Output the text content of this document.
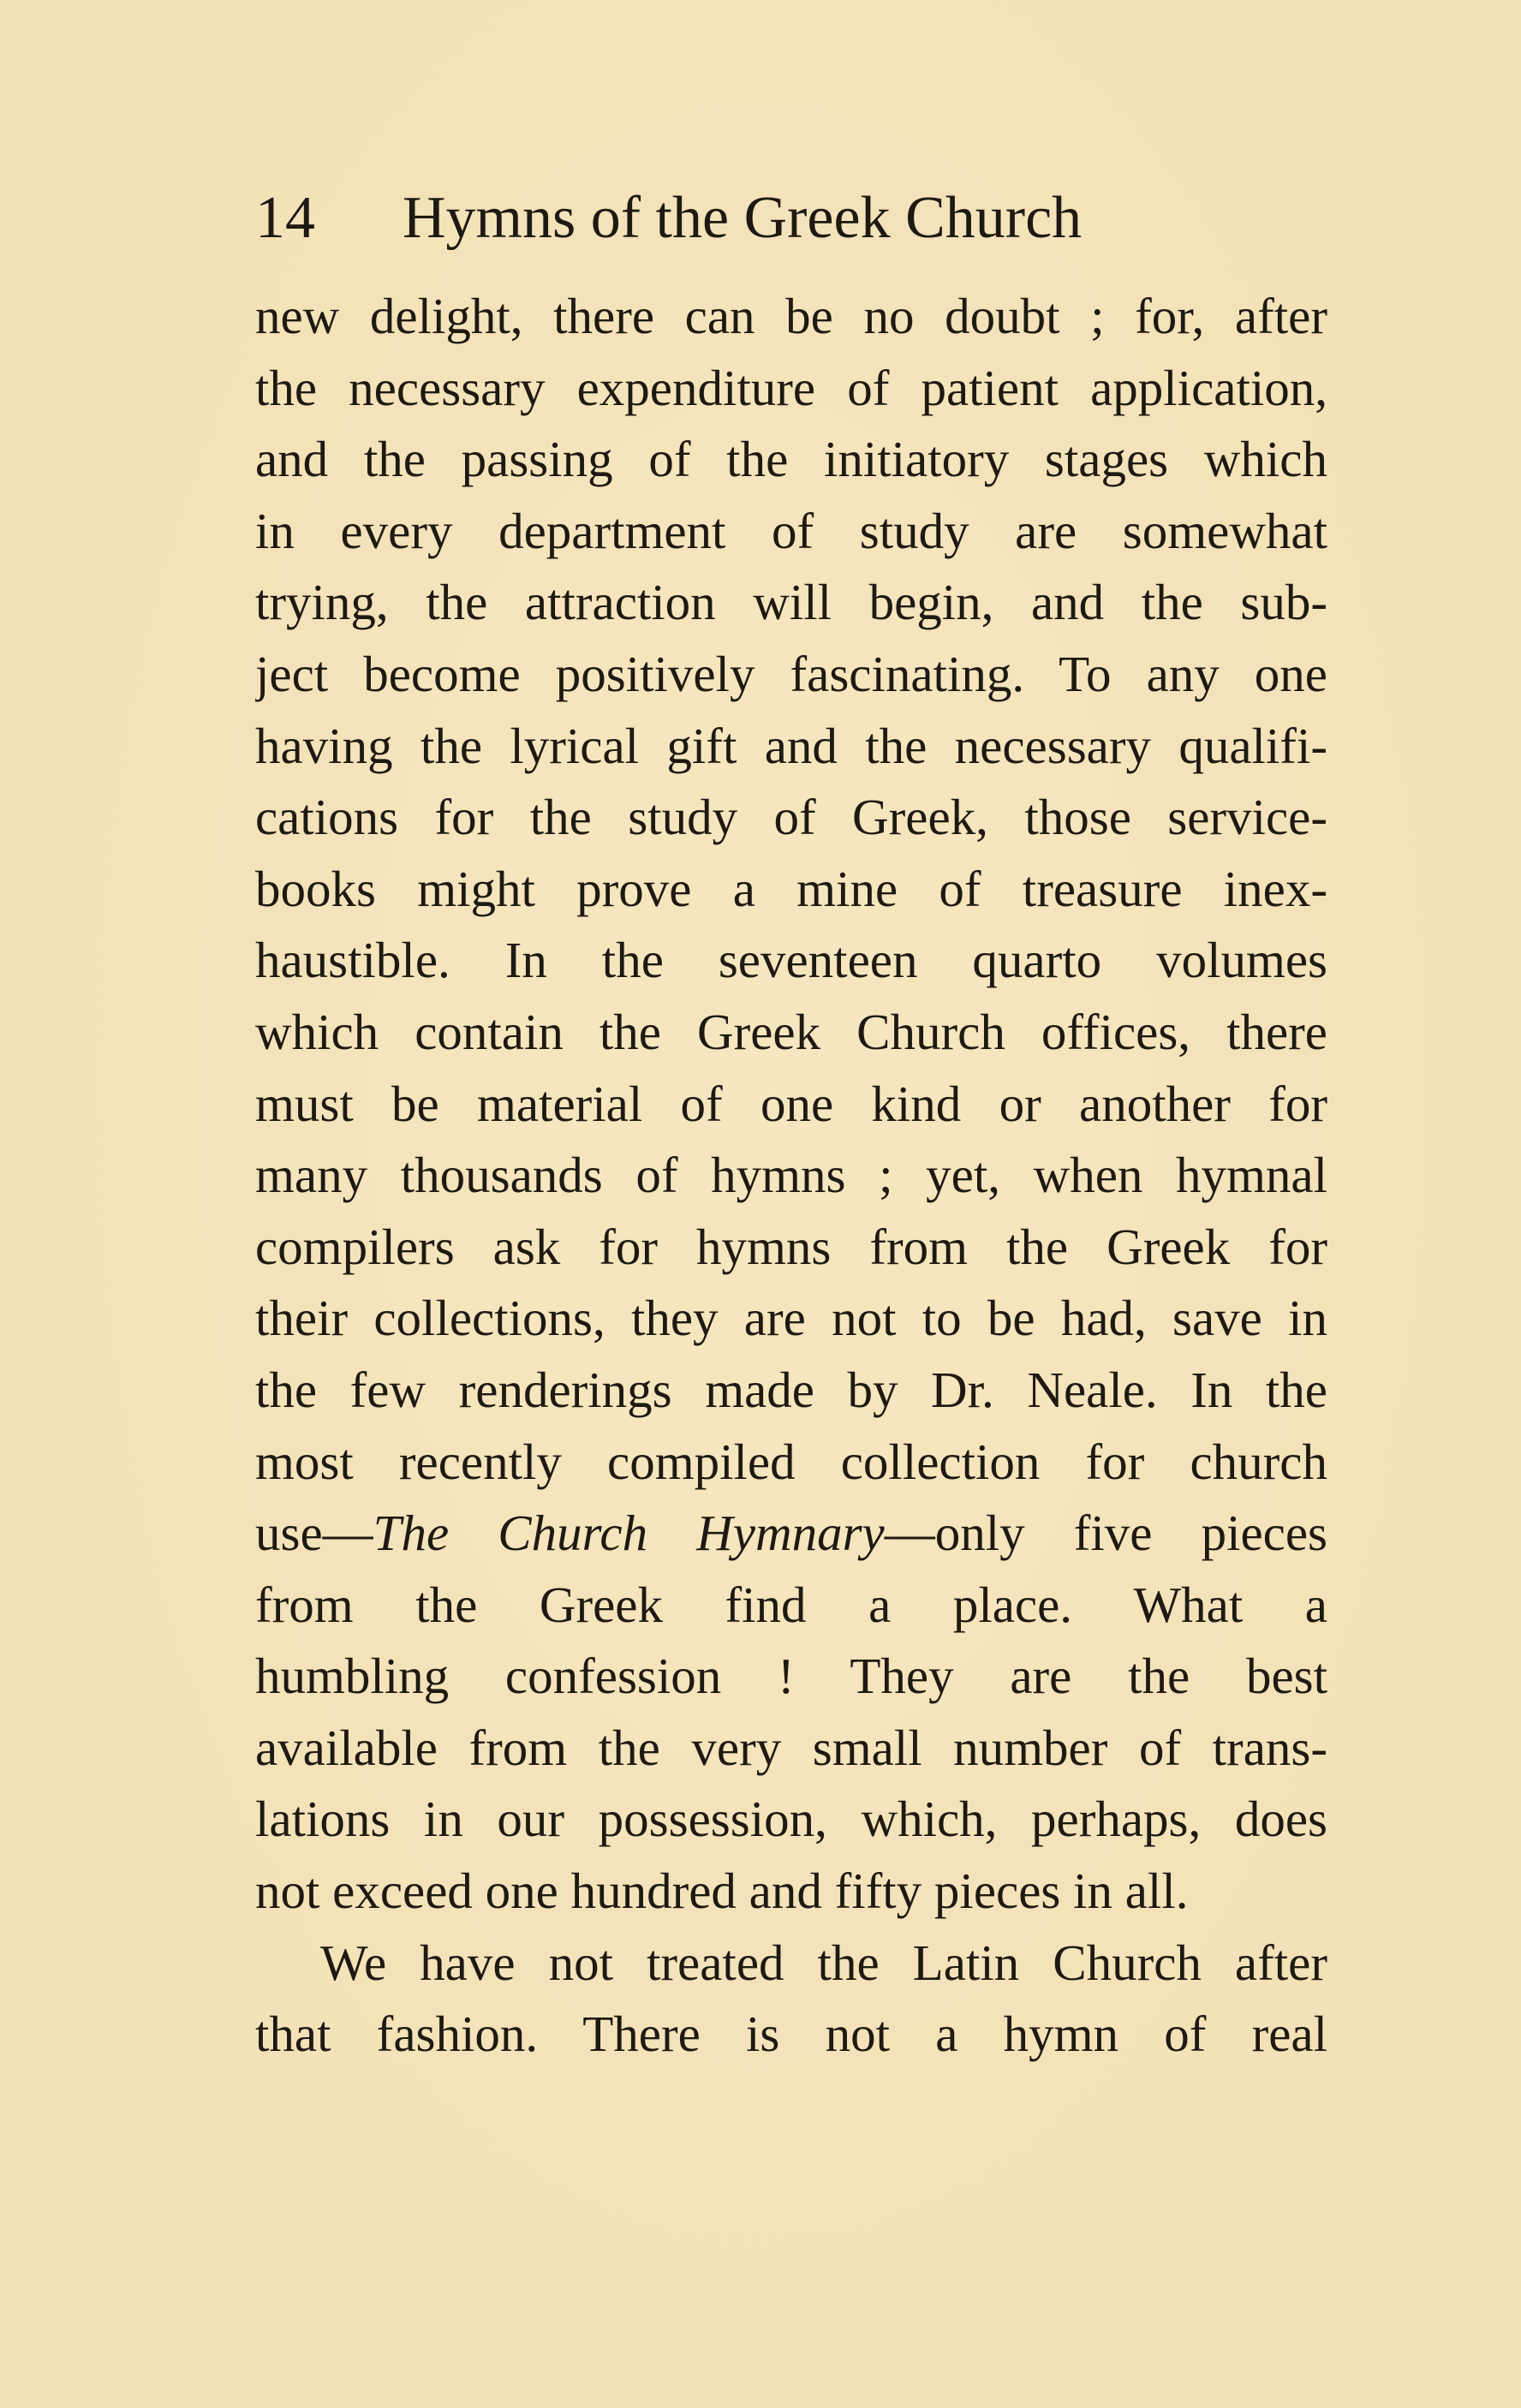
14 Hymns of the Greek Church
new delight, there can be no doubt ; for, after
the necessary expenditure of patient application,
and the passing of the initiatory stages which
in every department of study are somewhat
trying, the attraction will begin, and the sub-
ject become positively fascinating. To any one
having the lyrical gift and the necessary qualifi-
cations for the study of Greek, those service-
books might prove a mine of treasure inex-
haustible. In the seventeen quarto volumes
which contain the Greek Church offices, there
must be material of one kind or another for
many thousands of hymns ; yet, when hymnal
compilers ask for hymns from the Greek for
their collections, they are not to be had, save in
the few renderings made by Dr. Neale. In the
most recently compiled collection for church
use—The Church Hymnary—only five pieces
from the Greek find a place. What a
humbling confession ! They are the best
available from the very small number of trans-
lations in our possession, which, perhaps, does
not exceed one hundred and fifty pieces in all.
We have not treated the Latin Church after
that fashion. There is not a hymn of real
